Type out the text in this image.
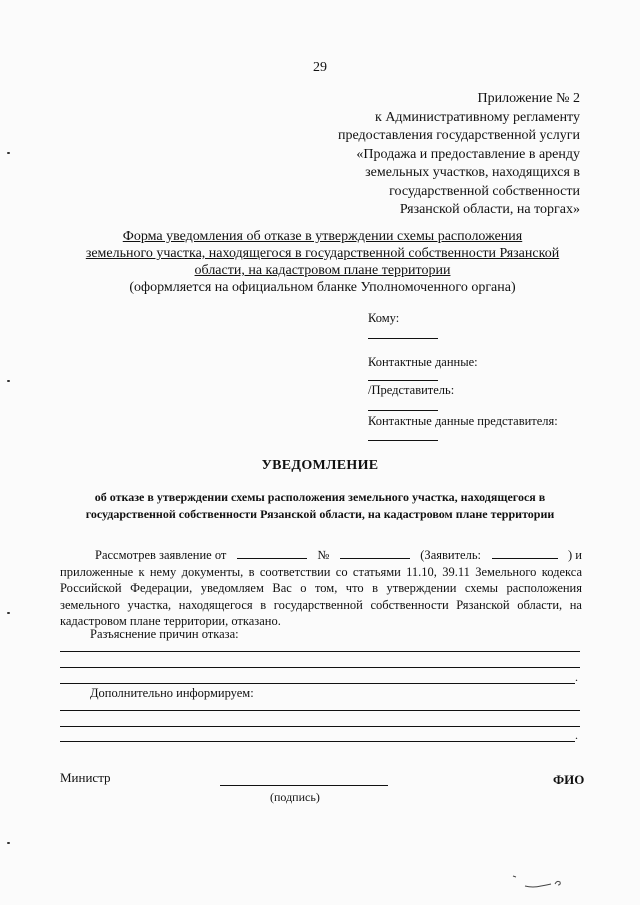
29
Приложение № 2
к Административному регламенту
предоставления государственной услуги
«Продажа и предоставление в аренду
земельных участков, находящихся в
государственной собственности
Рязанской области, на торгах»
Форма уведомления об отказе в утверждении схемы расположения
земельного участка, находящегося в государственной собственности Рязанской
области, на кадастровом плане территории
(оформляется на официальном бланке Уполномоченного органа)
Кому:
Контактные данные:
/Представитель:
Контактные данные представителя:
УВЕДОМЛЕНИЕ
об отказе в утверждении схемы расположения земельного участка, находящегося в государственной собственности Рязанской области, на кадастровом плане территории
Рассмотрев заявление от	№	(Заявитель:	) и
приложенные к нему документы, в соответствии со статьями 11.10, 39.11 Земельного кодекса Российской Федерации, уведомляем Вас о том, что в утверждении схемы расположения земельного участка, находящегося в государственной собственности Рязанской области, на кадастровом плане территории, отказано.
Разъяснение причин отказа:
.
Дополнительно информируем:
.
Министр
(подпись)
ФИО
